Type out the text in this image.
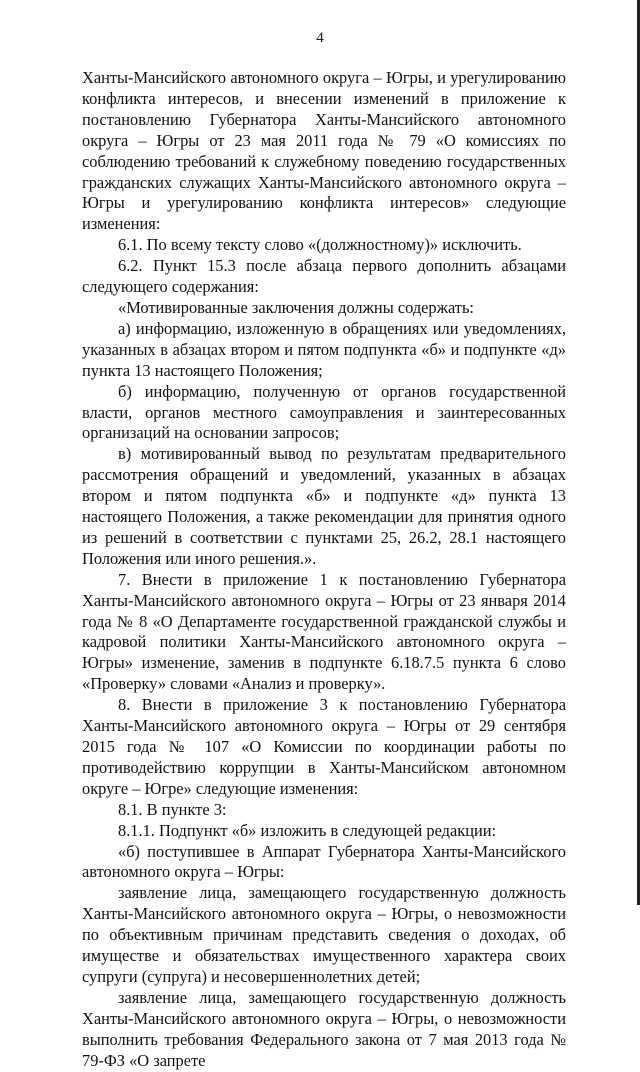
4

Ханты-Мансийского автономного округа – Югры, и урегулированию конфликта интересов, и внесении изменений в приложение к постановлению Губернатора Ханты-Мансийского автономного округа – Югры от 23 мая 2011 года № 79 «О комиссиях по соблюдению требований к служебному поведению государственных гражданских служащих Ханты-Мансийского автономного округа – Югры и урегулированию конфликта интересов» следующие изменения:

6.1. По всему тексту слово «(должностному)» исключить.

6.2. Пункт 15.3 после абзаца первого дополнить абзацами следующего содержания:

«Мотивированные заключения должны содержать:

а) информацию, изложенную в обращениях или уведомлениях, указанных в абзацах втором и пятом подпункта «б» и подпункте «д» пункта 13 настоящего Положения;

б) информацию, полученную от органов государственной власти, органов местного самоуправления и заинтересованных организаций на основании запросов;

в) мотивированный вывод по результатам предварительного рассмотрения обращений и уведомлений, указанных в абзацах втором и пятом подпункта «б» и подпункте «д» пункта 13 настоящего Положения, а также рекомендации для принятия одного из решений в соответствии с пунктами 25, 26.2, 28.1 настоящего Положения или иного решения.».

7. Внести в приложение 1 к постановлению Губернатора Ханты-Мансийского автономного округа – Югры от 23 января 2014 года № 8 «О Департаменте государственной гражданской службы и кадровой политики Ханты-Мансийского автономного округа – Югры» изменение, заменив в подпункте 6.18.7.5 пункта 6 слово «Проверку» словами «Анализ и проверку».

8. Внести в приложение 3 к постановлению Губернатора Ханты-Мансийского автономного округа – Югры от 29 сентября 2015 года № 107 «О Комиссии по координации работы по противодействию коррупции в Ханты-Мансийском автономном округе – Югре» следующие изменения:

8.1. В пункте 3:

8.1.1. Подпункт «б» изложить в следующей редакции:

«б) поступившее в Аппарат Губернатора Ханты-Мансийского автономного округа – Югры:

заявление лица, замещающего государственную должность Ханты-Мансийского автономного округа – Югры, о невозможности по объективным причинам представить сведения о доходах, об имуществе и обязательствах имущественного характера своих супруги (супруга) и несовершеннолетних детей;

заявление лица, замещающего государственную должность Ханты-Мансийского автономного округа – Югры, о невозможности выполнить требования Федерального закона от 7 мая 2013 года № 79-ФЗ «О запрете
